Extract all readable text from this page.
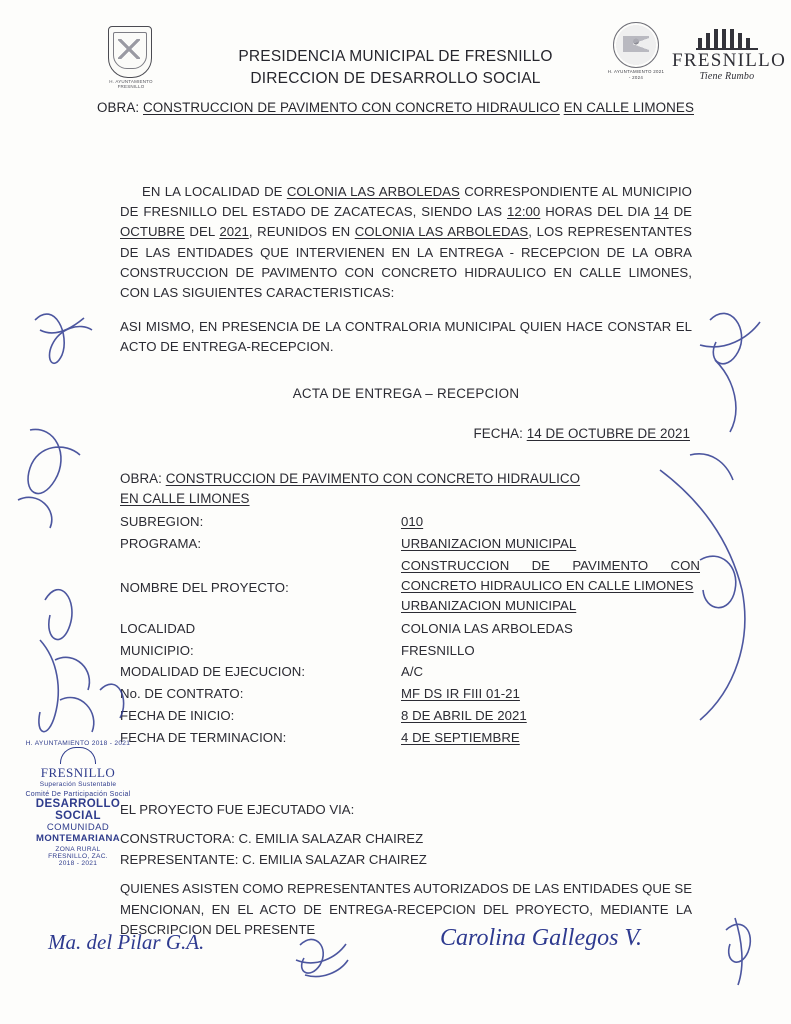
H. AYUNTAMIENTO FRESNILLO
H. AYUNTAMIENTO 2021 - 2024
FRESNILLO
Tiene Rumbo
PRESIDENCIA MUNICIPAL DE FRESNILLO
DIRECCION DE DESARROLLO SOCIAL
OBRA: CONSTRUCCION DE PAVIMENTO CON CONCRETO HIDRAULICO EN CALLE LIMONES
EN LA LOCALIDAD DE COLONIA LAS ARBOLEDAS CORRESPONDIENTE AL MUNICIPIO DE FRESNILLO DEL ESTADO DE ZACATECAS, SIENDO LAS 12:00 HORAS DEL DIA 14 DE OCTUBRE DEL 2021, REUNIDOS EN COLONIA LAS ARBOLEDAS, LOS REPRESENTANTES DE LAS ENTIDADES QUE INTERVIENEN EN LA ENTREGA - RECEPCION DE LA OBRA CONSTRUCCION DE PAVIMENTO CON CONCRETO HIDRAULICO EN CALLE LIMONES, CON LAS SIGUIENTES CARACTERISTICAS:
ASI MISMO, EN PRESENCIA DE LA CONTRALORIA MUNICIPAL QUIEN HACE CONSTAR EL ACTO DE ENTREGA-RECEPCION.
ACTA DE ENTREGA – RECEPCION
FECHA: 14 DE OCTUBRE DE 2021
OBRA: CONSTRUCCION DE PAVIMENTO CON CONCRETO HIDRAULICO
EN CALLE LIMONES
SUBREGION:	010
PROGRAMA:	URBANIZACION MUNICIPAL
NOMBRE DEL PROYECTO:
CONSTRUCCION DE PAVIMENTO CON CONCRETO HIDRAULICO EN CALLE LIMONES
URBANIZACION MUNICIPAL
LOCALIDAD	COLONIA LAS ARBOLEDAS
MUNICIPIO:	FRESNILLO
MODALIDAD DE EJECUCION:	A/C
No. DE CONTRATO:	MF DS IR FIII 01-21
FECHA DE INICIO:	8 DE ABRIL DE 2021
FECHA DE TERMINACION:	4 DE SEPTIEMBRE
EL PROYECTO FUE EJECUTADO VIA:
CONSTRUCTORA: C. EMILIA SALAZAR CHAIREZ
REPRESENTANTE: C. EMILIA SALAZAR CHAIREZ
QUIENES ASISTEN COMO REPRESENTANTES AUTORIZADOS DE LAS ENTIDADES QUE SE MENCIONAN, EN EL ACTO DE ENTREGA-RECEPCION DEL PROYECTO, MEDIANTE LA DESCRIPCION DEL PRESENTE
H. AYUNTAMIENTO 2018 - 2021
FRESNILLO
Superación Sustentable
Comité De Participación Social
DESARROLLO SOCIAL
COMUNIDAD
MONTEMARIANA
ZONA RURAL
FRESNILLO, ZAC.
2018 - 2021
Ma. del Pilar G.A.	Carolina Gallegos V.
